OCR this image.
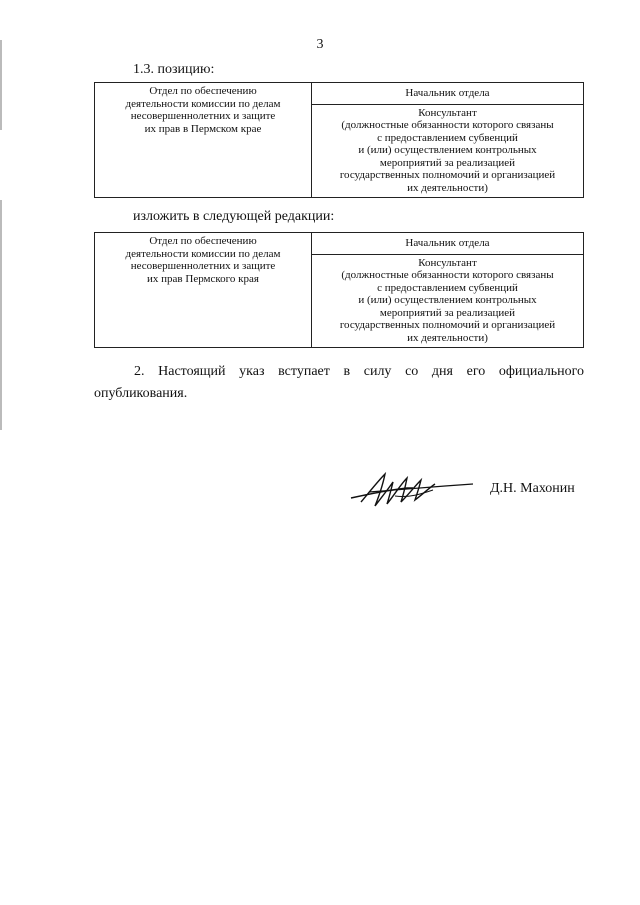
3
1.3. позицию:
Отдел по обеспечению
деятельности комиссии по делам
несовершеннолетних и защите
их прав в Пермском крае	Начальник отдела
Консультант
(должностные обязанности которого связаны
с предоставлением субвенций
и (или) осуществлением контрольных
мероприятий за реализацией
государственных полномочий и организацией
их деятельности)
изложить в следующей редакции:
Отдел по обеспечению
деятельности комиссии по делам
несовершеннолетних и защите
их прав Пермского края	Начальник отдела
Консультант
(должностные обязанности которого связаны
с предоставлением субвенций
и (или) осуществлением контрольных
мероприятий за реализацией
государственных полномочий и организацией
их деятельности)
2. Настоящий указ вступает в силу со дня его официального опубликования.
Д.Н. Махонин
